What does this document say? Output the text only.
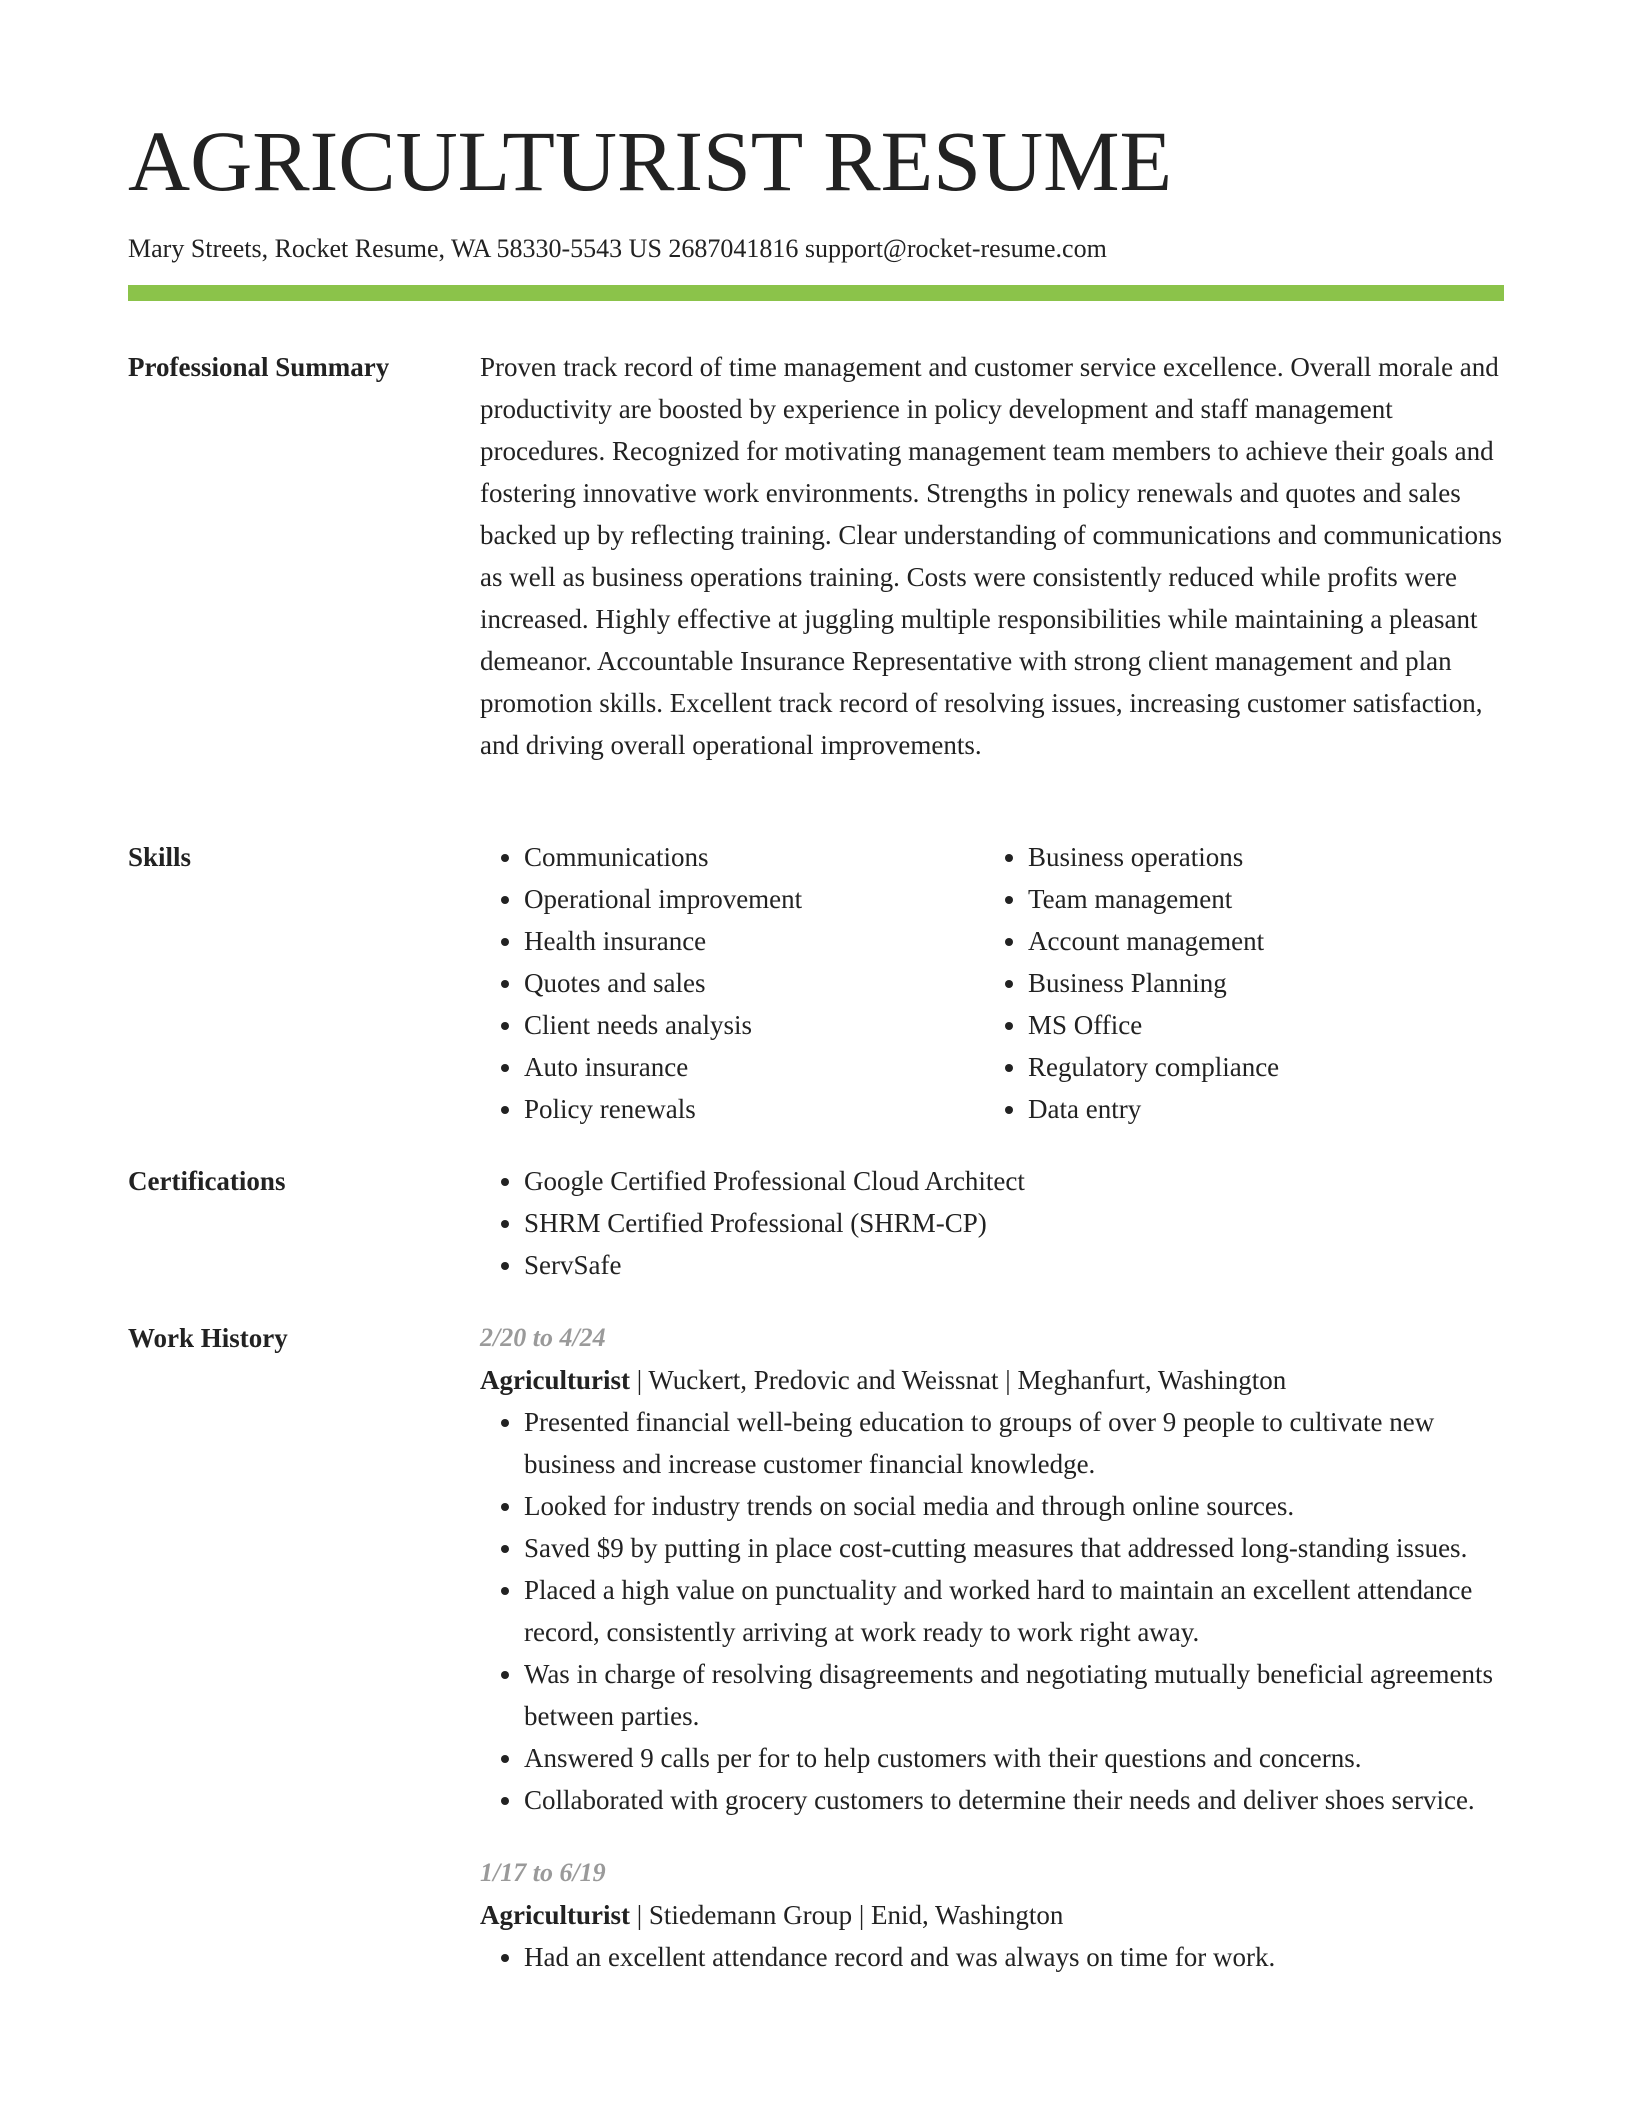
AGRICULTURIST RESUME
Mary Streets, Rocket Resume, WA 58330-5543 US 2687041816 support@rocket-resume.com
Professional Summary	Proven track record of time management and customer service excellence. Overall morale and productivity are boosted by experience in policy development and staff management procedures. Recognized for motivating management team members to achieve their goals and fostering innovative work environments. Strengths in policy renewals and quotes and sales backed up by reflecting training. Clear understanding of communications and communications as well as business operations training. Costs were consistently reduced while profits were increased. Highly effective at juggling multiple responsibilities while maintaining a pleasant demeanor. Accountable Insurance Representative with strong client management and plan promotion skills. Excellent track record of resolving issues, increasing customer satisfaction, and driving overall operational improvements.

Skills	• Communications
• Operational improvement
• Health insurance
• Quotes and sales
• Client needs analysis
• Auto insurance
• Policy renewals
• Business operations
• Team management
• Account management
• Business Planning
• MS Office
• Regulatory compliance
• Data entry
Certifications	• Google Certified Professional Cloud Architect
• SHRM Certified Professional (SHRM-CP)
• ServSafe
Work History	2/20 to 4/24
Agriculturist | Wuckert, Predovic and Weissnat | Meghanfurt, Washington
• Presented financial well-being education to groups of over 9 people to cultivate new business and increase customer financial knowledge.
• Looked for industry trends on social media and through online sources.
• Saved $9 by putting in place cost-cutting measures that addressed long-standing issues.
• Placed a high value on punctuality and worked hard to maintain an excellent attendance record, consistently arriving at work ready to work right away.
• Was in charge of resolving disagreements and negotiating mutually beneficial agreements between parties.
• Answered 9 calls per for to help customers with their questions and concerns.
• Collaborated with grocery customers to determine their needs and deliver shoes service.
1/17 to 6/19
Agriculturist | Stiedemann Group | Enid, Washington
• Had an excellent attendance record and was always on time for work.
